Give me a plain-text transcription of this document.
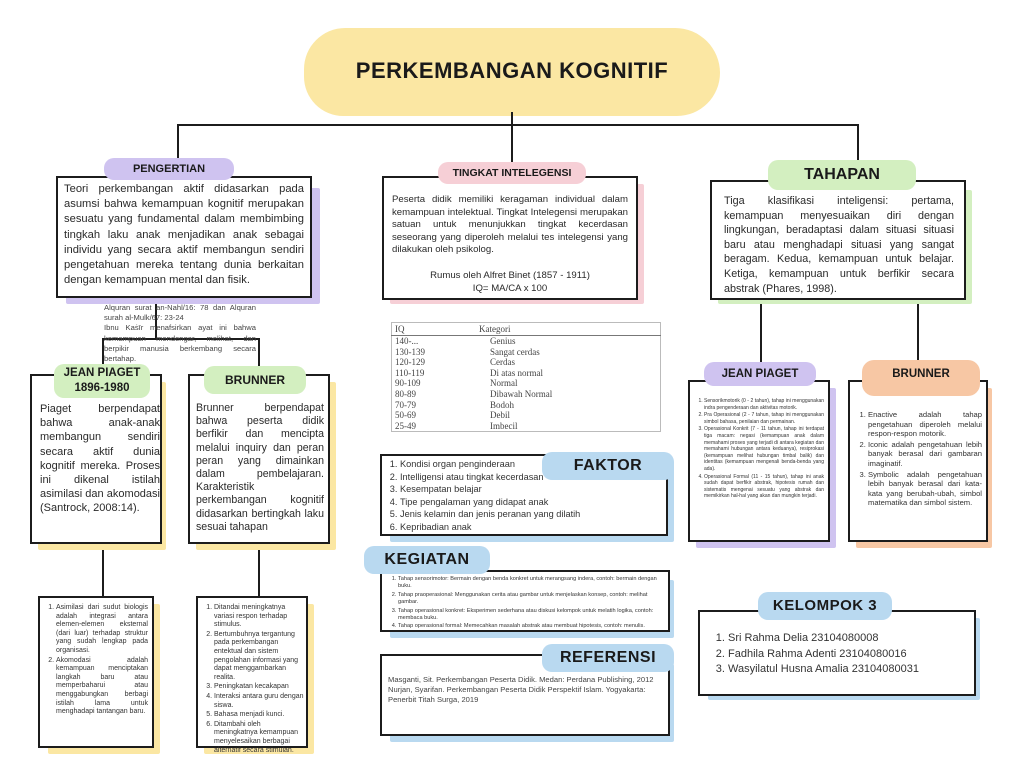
PERKEMBANGAN KOGNITIF
PENGERTIAN
Teori perkembangan aktif didasarkan pada asumsi bahwa kemampuan kognitif merupakan sesuatu yang fundamental dalam membimbing tingkah laku anak menjadikan anak sebagai individu yang secara aktif membangun sendiri pengetahuan mereka tentang dunia berkaitan dengan kemampuan mental dan fisik.
Alquran surat an-Nahl/16: 78 dan Alquran surah al-Mulk/67: 23-24
Ibnu Kaṡīr menafsirkan ayat ini bahwa kemampuan mendengar, melihat, dan berpikir manusia berkembang secara bertahap.
TINGKAT INTELEGENSI
Peserta didik memiliki keragaman individual dalam kemampuan intelektual. Tingkat Intelegensi merupakan satuan untuk menunjukkan tingkat kecerdasan seseorang yang diperoleh melalui tes intelegensi yang dilakukan oleh psikolog.
Rumus oleh Alfret Binet (1857 - 1911)
IQ= MA/CA x 100
IQ	Kategori
140-...	Genius
130-139	Sangat cerdas
120-129	Cerdas
110-119	Di atas normal
90-109	Normal
80-89	Dibawah Normal
70-79	Bodoh
50-69	Debil
25-49	Imbecil
TAHAPAN
Tiga klasifikasi inteligensi: pertama, kemampuan menyesuaikan diri dengan lingkungan, beradaptasi dalam situasi situasi baru atau menghadapi situasi yang sangat beragam. Kedua, kemampuan untuk belajar. Ketiga, kemampuan untuk berfikir secara abstrak (Phares, 1998).
JEAN PIAGET 1896-1980
Piaget berpendapat bahwa anak-anak membangun sendiri secara aktif dunia kognitif mereka. Proses ini dikenal istilah asimilasi dan akomodasi (Santrock, 2008:14).
BRUNNER
Brunner berpendapat bahwa peserta didik berfikir dan mencipta melalui inquiry dan peran peran yang dimainkan dalam pembelajaran. Karakteristik perkembangan kognitif didasarkan bertingkah laku sesuai tahapan
1. Asimilasi dari sudut biologis adalah integrasi antara elemen-elemen eksternal (dari luar) terhadap struktur yang sudah lengkap pada organisasi.
2. Akomodasi adalah kemampuan menciptakan langkah baru atau memperbaharui atau menggabungkan berbagi istilah lama untuk menghadapi tantangan baru.
1. Ditandai meningkatnya variasi respon terhadap stimulus.
2. Bertumbuhnya tergantung pada perkembangan entektual dan sistem pengolahan informasi yang dapat menggambarkan realita.
3. Peningkatan kecakapan
4. Interaksi antara guru dengan siswa.
5. Bahasa menjadi kunci.
6. Ditambahi oleh meningkatnya kemampuan menyelesaikan berbagai alternatif secara stimulan.
FAKTOR
1. Kondisi organ penginderaan
2. Intelligensi atau tingkat kecerdasan
3. Kesempatan belajar
4. Tipe pengalaman yang didapat anak
5. Jenis kelamin dan jenis peranan yang dilatih
6. Kepribadian anak
KEGIATAN
1. Tahap sensorimotor: Bermain dengan benda konkret untuk merangsang indera, contoh: bermain dengan buku.
2. Tahap praoperasional: Menggunakan cerita atau gambar untuk menjelaskan konsep, contoh: melihat gambar.
3. Tahap operasional konkret: Eksperimen sederhana atau diskusi kelompok untuk melatih logika, contoh: membaca buku.
4. Tahap operasional formal: Memecahkan masalah abstrak atau membuat hipotesis, contoh: menulis.
REFERENSI
Masganti, Sit. Perkembangan Peserta Didik. Medan: Perdana Publishing, 2012
Nurjan, Syarifan. Perkembangan Peserta Didik Perspektif Islam. Yogyakarta: Penerbit Titah Surga, 2019
JEAN PIAGET
1. Sensorikmotorik (0 - 2 tahun), tahap ini menggunakan indra pengenderaan dan aktivitas motorik.
2. Pra Operasional (2 - 7 tahun, tahap ini menggunakan simbol bahasa, penilaian dan permainan.
3. Operasional Konkrit (7 - 11 tahun, tahap ini terdapat tiga macam: negasi (kemampuan anak dalam memahami proses yang terjadi di antara kegiatan dan memahami hubungan antara keduanya), resiprokasi (kemampuan melihat hubungan timbal balik) dan identitas (kemampuan mengenali benda-benda yang ada).
4. Operasional Formal (11 - 15 tahun), tahap ini anak sudah dapat berfikir abstrak, hipotesis rumah dan sistematis mengenai sesuatu yang abstrak dan memikirkan hal-hal yang akan dan mungkin terjadi.
BRUNNER
1. Enactive adalah tahap pengetahuan diperoleh melalui respon-respon motorik.
2. Iconic adalah pengetahuan lebih banyak berasal dari gambaran imaginatif.
3. Symbolic adalah pengetahuan lebih banyak berasal dari kata-kata yang berubah-ubah, simbol matematika dan simbol sistem.
KELOMPOK 3
1. Sri Rahma Delia 23104080008
2. Fadhila Rahma Adenti 23104080016
3. Wasyilatul Husna Amalia 23104080031
